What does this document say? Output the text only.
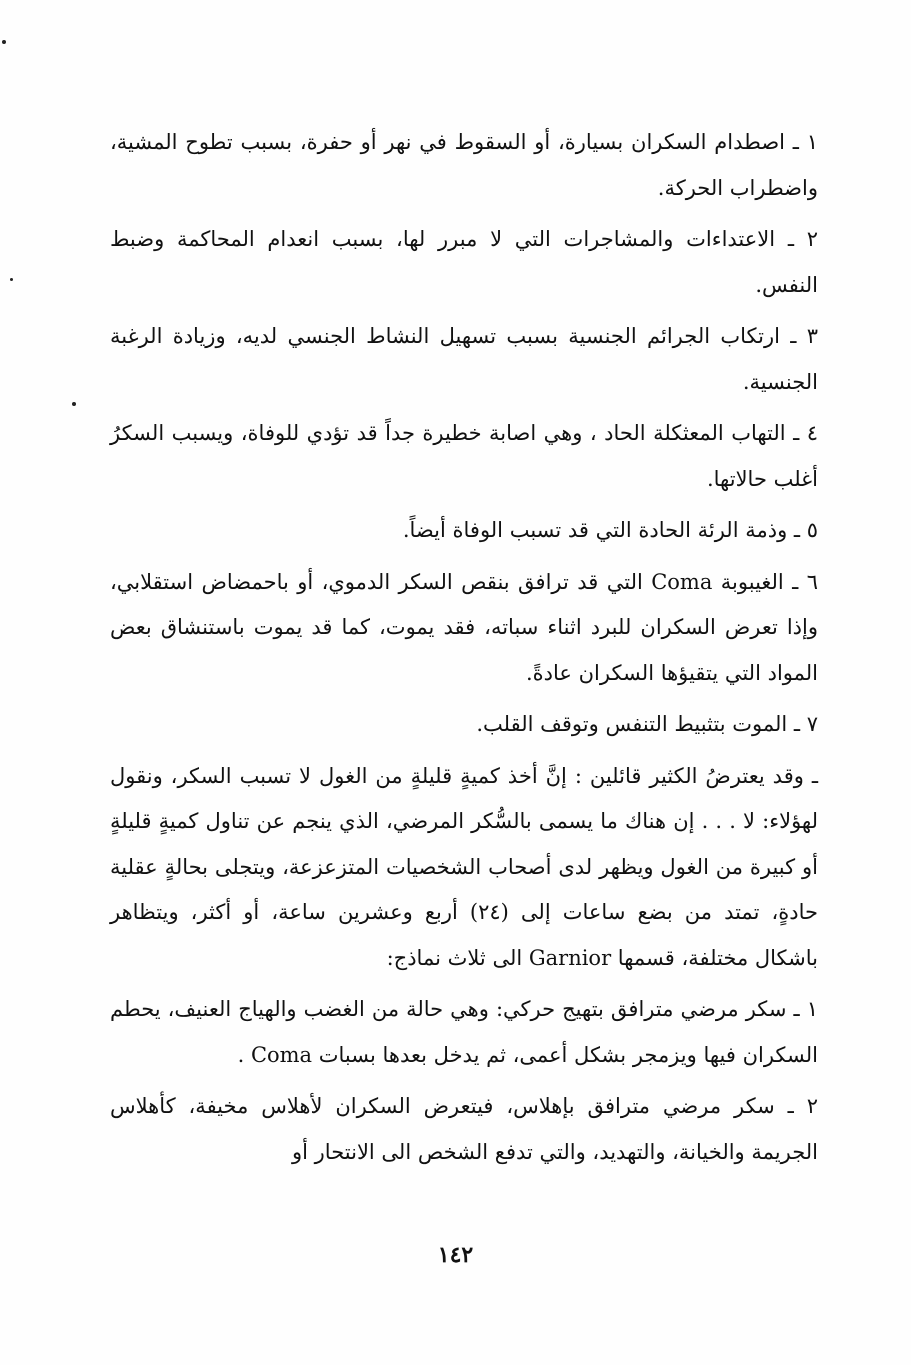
١ ـ اصطدام السكران بسيارة، أو السقوط في نهر أو حفرة، بسبب تطوح المشية، واضطراب الحركة.

٢ ـ الاعتداءات والمشاجرات التي لا مبرر لها، بسبب انعدام المحاكمة وضبط النفس.

٣ ـ ارتكاب الجرائم الجنسية بسبب تسهيل النشاط الجنسي لديه، وزيادة الرغبة الجنسية.

٤ ـ التهاب المعثكلة الحاد ، وهي اصابة خطيرة جداً قد تؤدي للوفاة، ويسبب السكرُ أغلب حالاتها.

٥ ـ وذمة الرئة الحادة التي قد تسبب الوفاة أيضاً.

٦ ـ الغيبوبة Coma التي قد ترافق بنقص السكر الدموي، أو باحمضاض استقلابي، وإذا تعرض السكران للبرد اثناء سباته، فقد يموت، كما قد يموت باستنشاق بعض المواد التي يتقيؤها السكران عادةً.

٧ ـ الموت بتثبيط التنفس وتوقف القلب.

ـ وقد يعترضُ الكثير قائلين : إنَّ أخذ كميةٍ قليلةٍ من الغول لا تسبب السكر، ونقول لهؤلاء: لا . . . إن هناك ما يسمى بالسُّكر المرضي، الذي ينجم عن تناول كميةٍ قليلةٍ أو كبيرة من الغول ويظهر لدى أصحاب الشخصيات المتزعزعة، ويتجلى بحالةٍ عقلية حادةٍ، تمتد من بضع ساعات إلى (٢٤) أربع وعشرين ساعة، أو أكثر، ويتظاهر باشكال مختلفة، قسمها Garnior الى ثلاث نماذج:

١ ـ سكر مرضي مترافق بتهيج حركي: وهي حالة من الغضب والهياج العنيف، يحطم السكران فيها ويزمجر بشكل أعمى، ثم يدخل بعدها بسبات Coma .

٢ ـ سكر مرضي مترافق بإهلاس، فيتعرض السكران لأهلاس مخيفة، كأهلاس الجريمة والخيانة، والتهديد، والتي تدفع الشخص الى الانتحار أو

١٤٢
